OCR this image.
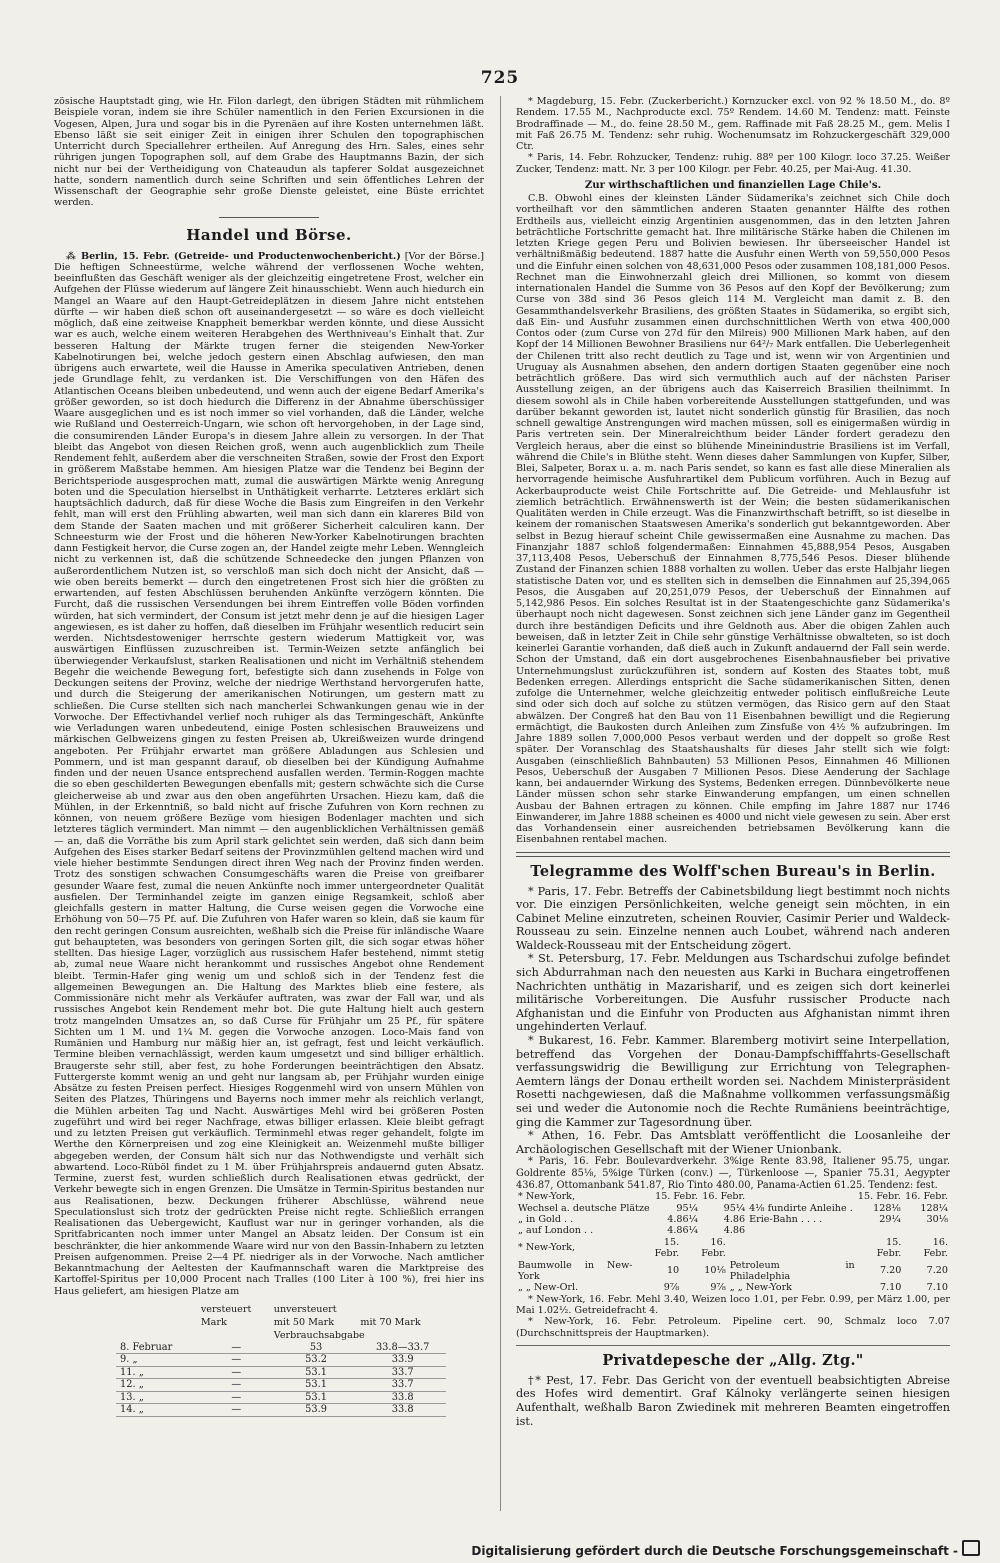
725

zösische Hauptstadt ging, wie Hr. Filon darlegt, den übrigen Städten mit rühmlichem Beispiele voran, indem sie ihre Schüler namentlich in den Ferien Excursionen in die Vogesen, Alpen, Jura und sogar bis in die Pyrenäen auf ihre Kosten unternehmen läßt. Ebenso läßt sie seit einiger Zeit in einigen ihrer Schulen den topographischen Unterricht durch Speciallehrer ertheilen. Auf Anregung des Hrn. Sales, eines sehr rührigen jungen Topographen soll, auf dem Grabe des Hauptmanns Bazin, der sich nicht nur bei der Vertheidigung von Chateaudun als tapferer Soldat ausgezeichnet hatte, sondern namentlich durch seine Schriften und sein öffentliches Lehren der Wissenschaft der Geographie sehr große Dienste geleistet, eine Büste errichtet werden.

Handel und Börse.

⁂ Berlin, 15. Febr. (Getreide- und Productenwochenbericht.) [Vor der Börse.] Die heftigen Schneestürme, welche während der verflossenen Woche wehten, beeinflußten das Geschäft weniger als der gleichzeitig eingetretene Frost, welcher ein Aufgehen der Flüsse wiederum auf längere Zeit hinausschiebt. Wenn auch hiedurch ein Mangel an Waare auf den Haupt-Getreideplätzen in diesem Jahre nicht entstehen dürfte — wir haben dieß schon oft auseinandergesetzt — so wäre es doch vielleicht möglich, daß eine zeitweise Knappheit bemerkbar werden könnte, und diese Aussicht war es auch, welche einem weiteren Herabgehen des Werthniveau's Einhalt that. Zur besseren Haltung der Märkte trugen ferner die steigenden New-Yorker Kabelnotirungen bei, welche jedoch gestern einen Abschlag aufwiesen, den man übrigens auch erwartete, weil die Hausse in Amerika speculativen Antrieben, denen jede Grundlage fehlt, zu verdanken ist. Die Verschiffungen von den Häfen des Atlantischen Oceans bleiben unbedeutend, und wenn auch der eigene Bedarf Amerika's größer geworden, so ist doch hiedurch die Differenz in der Abnahme überschüssiger Waare ausgeglichen und es ist noch immer so viel vorhanden, daß die Länder, welche wie Rußland und Oesterreich-Ungarn, wie schon oft hervorgehoben, in der Lage sind, die consumirenden Länder Europa's in diesem Jahre allein zu versorgen. In der That bleibt das Angebot von diesen Reichen groß, wenn auch augenblicklich zum Theile Rendement fehlt, außerdem aber die verschneiten Straßen, sowie der Frost den Export in größerem Maßstabe hemmen. Am hiesigen Platze war die Tendenz bei Beginn der Berichtsperiode ausgesprochen matt, zumal die auswärtigen Märkte wenig Anregung boten und die Speculation hierselbst in Unthätigkeit verharrte. Letzteres erklärt sich hauptsächlich dadurch, daß für diese Woche die Basis zum Eingreifen in den Verkehr fehlt, man will erst den Frühling abwarten, weil man sich dann ein klareres Bild von dem Stande der Saaten machen und mit größerer Sicherheit calculiren kann. Der Schneesturm wie der Frost und die höheren New-Yorker Kabelnotirungen brachten dann Festigkeit hervor, die Curse zogen an, der Handel zeigte mehr Leben. Wenngleich nicht zu verkennen ist, daß die schützende Schneedecke den jungen Pflanzen von außerordentlichem Nutzen ist, so verschloß man sich doch nicht der Ansicht, daß — wie oben bereits bemerkt — durch den eingetretenen Frost sich hier die größten zu erwartenden, auf festen Abschlüssen beruhenden Ankünfte verzögern könnten. Die Furcht, daß die russischen Versendungen bei ihrem Eintreffen volle Böden vorfinden würden, hat sich vermindert, der Consum ist jetzt mehr denn je auf die hiesigen Lager angewiesen, es ist daher zu hoffen, daß dieselben im Frühjahr wesentlich reducirt sein werden. Nichtsdestoweniger herrschte gestern wiederum Mattigkeit vor, was auswärtigen Einflüssen zuzuschreiben ist. Termin-Weizen setzte anfänglich bei überwiegender Verkaufslust, starken Realisationen und nicht im Verhältniß stehendem Begehr die weichende Bewegung fort, befestigte sich dann zusehends in Folge von Deckungen seitens der Provinz, welche der niedrige Werthstand hervorgerufen hatte, und durch die Steigerung der amerikanischen Notirungen, um gestern matt zu schließen. Die Curse stellten sich nach mancherlei Schwankungen genau wie in der Vorwoche. Der Effectivhandel verlief noch ruhiger als das Termingeschäft, Ankünfte wie Verladungen waren unbedeutend, einige Posten schlesischen Brauweizens und märkischen Gelbweizens gingen zu festen Preisen ab, Ukreißweizen wurde dringend angeboten. Per Frühjahr erwartet man größere Abladungen aus Schlesien und Pommern, und ist man gespannt darauf, ob dieselben bei der Kündigung Aufnahme finden und der neuen Usance entsprechend ausfallen werden. Termin-Roggen machte die so eben geschilderten Bewegungen ebenfalls mit; gestern schwächte sich die Curse gleicherweise ab und zwar aus den oben angeführten Ursachen. Hiezu kam, daß die Mühlen, in der Erkenntniß, so bald nicht auf frische Zufuhren von Korn rechnen zu können, von neuem größere Bezüge vom hiesigen Bodenlager machten und sich letzteres täglich vermindert. Man nimmt — den augenblicklichen Verhältnissen gemäß — an, daß die Vorräthe bis zum April stark gelichtet sein werden, daß sich dann beim Aufgehen des Eises starker Bedarf seitens der Provinzmühlen geltend machen wird und viele hieher bestimmte Sendungen direct ihren Weg nach der Provinz finden werden. Trotz des sonstigen schwachen Consumgeschäfts waren die Preise von greifbarer gesunder Waare fest, zumal die neuen Ankünfte noch immer untergeordneter Qualität ausfielen. Der Terminhandel zeigte im ganzen einige Regsamkeit, schloß aber gleichfalls gestern in matter Haltung, die Curse weisen gegen die Vorwoche eine Erhöhung von 50—75 Pf. auf. Die Zufuhren von Hafer waren so klein, daß sie kaum für den recht geringen Consum ausreichten, weßhalb sich die Preise für inländische Waare gut behaupteten, was besonders von geringen Sorten gilt, die sich sogar etwas höher stellten. Das hiesige Lager, vorzüglich aus russischem Hafer bestehend, nimmt stetig ab, zumal neue Waare nicht herankommt und russisches Angebot ohne Rendement bleibt. Termin-Hafer ging wenig um und schloß sich in der Tendenz fest die allgemeinen Bewegungen an. Die Haltung des Marktes blieb eine festere, als Commissionäre nicht mehr als Verkäufer auftraten, was zwar der Fall war, und als russisches Angebot kein Rendement mehr bot. Die gute Haltung hielt auch gestern trotz mangelnden Umsatzes an, so daß Curse für Frühjahr um 25 Pf., für spätere Sichten um 1 M. und 1¼ M. gegen die Vorwoche anzogen. Loco-Mais fand von Rumänien und Hamburg nur mäßig hier an, ist gefragt, fest und leicht verkäuflich. Termine bleiben vernachlässigt, werden kaum umgesetzt und sind billiger erhältlich. Braugerste sehr still, aber fest, zu hohe Forderungen beeinträchtigen den Absatz. Futtergerste kommt wenig an und geht nur langsam ab, per Frühjahr wurden einige Absätze zu festen Preisen perfect. Hiesiges Roggenmehl wird von unsern Mühlen von Seiten des Platzes, Thüringens und Bayerns noch immer mehr als reichlich verlangt, die Mühlen arbeiten Tag und Nacht. Auswärtiges Mehl wird bei größeren Posten zugeführt und wird bei reger Nachfrage, etwas billiger erlassen. Kleie bleibt gefragt und zu letzten Preisen gut verkäuflich. Terminmehl etwas reger gehandelt, folgte im Werthe den Körnerpreisen und zog eine Kleinigkeit an. Weizenmehl mußte billiger abgegeben werden, der Consum hält sich nur das Nothwendigste und verhält sich abwartend. Loco-Rüböl findet zu 1 M. über Frühjahrspreis andauernd guten Absatz. Termine, zuerst fest, wurden schließlich durch Realisationen etwas gedrückt, der Verkehr bewegte sich in engen Grenzen. Die Umsätze in Termin-Spiritus bestanden nur aus Realisationen, bezw. Deckungen früherer Abschlüsse, während neue Speculationslust sich trotz der gedrückten Preise nicht regte. Schließlich errangen Realisationen das Uebergewicht, Kauflust war nur in geringer vorhanden, als die Spritfabricanten noch immer unter Mangel an Absatz leiden. Der Consum ist ein beschränkter, die hier ankommende Waare wird nur von den Bassin-Inhabern zu letzten Preisen aufgenommen. Preise 2—4 Pf. niedriger als in der Vorwoche. Nach amtlicher Bekanntmachung der Aeltesten der Kaufmannschaft waren die Marktpreise des Kartoffel-Spiritus per 10,000 Procent nach Tralles (100 Liter à 100 %), frei hier ins Haus geliefert, am hiesigen Platze am

	versteuert	unversteuert	
	Mark	mit 50 Mark	mit 70 Mark
		Verbrauchsabgabe	
8. Februar	—	53	33.8—33.7
9. „	—	53.2	33.9
11. „	—	53.1	33.7
12. „	—	53.1	33.7
13. „	—	53.1	33.8
14. „	—	53.9	33.8

* Magdeburg, 15. Febr. (Zuckerbericht.) Kornzucker excl. von 92 % 18.50 M., do. 8º Rendem. 17.55 M., Nachproducte excl. 75º Rendem. 14.60 M. Tendenz: matt. Feinste Brodraffinade — M., do. feine 28.50 M., gem. Raffinade mit Faß 28.25 M., gem. Melis I mit Faß 26.75 M. Tendenz: sehr ruhig. Wochenumsatz im Rohzuckergeschäft 329,000 Ctr.

* Paris, 14. Febr. Rohzucker, Tendenz: ruhig. 88º per 100 Kilogr. loco 37.25. Weißer Zucker, Tendenz: matt. Nr. 3 per 100 Kilogr. per Febr. 40.25, per Mai-Aug. 41.30.

Zur wirthschaftlichen und finanziellen Lage Chile's.

C.B. Obwohl eines der kleinsten Länder Südamerika's zeichnet sich Chile doch vortheilhaft vor den sämmtlichen anderen Staaten genannter Hälfte des rothen Erdtheils aus, vielleicht einzig Argentinien ausgenommen, das in den letzten Jahren beträchtliche Fortschritte gemacht hat. Ihre militärische Stärke haben die Chilenen im letzten Kriege gegen Peru und Bolivien bewiesen. Ihr überseeischer Handel ist verhältnißmäßig bedeutend. 1887 hatte die Ausfuhr einen Werth von 59,550,000 Pesos und die Einfuhr einen solchen von 48,631,000 Pesos oder zusammen 108,181,000 Pesos. Rechnet man die Einwohnerzahl gleich drei Millionen, so kommt von diesem internationalen Handel die Summe von 36 Pesos auf den Kopf der Bevölkerung; zum Curse von 38d sind 36 Pesos gleich 114 M. Vergleicht man damit z. B. den Gesammthandelsverkehr Brasiliens, des größten Staates in Südamerika, so ergibt sich, daß Ein- und Ausfuhr zusammen einen durchschnittlichen Werth von etwa 400,000 Contos oder (zum Curse von 27d für den Milreis) 900 Millionen Mark haben, auf den Kopf der 14 Millionen Bewohner Brasiliens nur 64²/₇ Mark entfallen. Die Ueberlegenheit der Chilenen tritt also recht deutlich zu Tage und ist, wenn wir von Argentinien und Uruguay als Ausnahmen absehen, den andern dortigen Staaten gegenüber eine noch beträchtlich größere. Das wird sich vermuthlich auch auf der nächsten Pariser Ausstellung zeigen, an der übrigens auch das Kaiserreich Brasilien theilnimmt. In diesem sowohl als in Chile haben vorbereitende Ausstellungen stattgefunden, und was darüber bekannt geworden ist, lautet nicht sonderlich günstig für Brasilien, das noch schnell gewaltige Anstrengungen wird machen müssen, soll es einigermaßen würdig in Paris vertreten sein. Der Mineralreichthum beider Länder fordert geradezu den Vergleich heraus, aber die einst so blühende Mineinindustrie Brasiliens ist im Verfall, während die Chile's in Blüthe steht. Wenn dieses daher Sammlungen von Kupfer, Silber, Blei, Salpeter, Borax u. a. m. nach Paris sendet, so kann es fast alle diese Mineralien als hervorragende heimische Ausfuhrartikel dem Publicum vorführen. Auch in Bezug auf Ackerbauproducte weist Chile Fortschritte auf. Die Getreide- und Mehlausfuhr ist ziemlich beträchtlich. Erwähnenswerth ist der Wein; die besten südamerikanischen Qualitäten werden in Chile erzeugt. Was die Finanzwirthschaft betrifft, so ist dieselbe in keinem der romanischen Staatswesen Amerika's sonderlich gut bekanntgeworden. Aber selbst in Bezug hierauf scheint Chile gewissermaßen eine Ausnahme zu machen. Das Finanzjahr 1887 schloß folgendermaßen: Einnahmen 45,888,954 Pesos, Ausgaben 37,113,408 Pesos, Ueberschuß der Einnahmen 8,775,546 Pesos. Dieser blühende Zustand der Finanzen schien 1888 vorhalten zu wollen. Ueber das erste Halbjahr liegen statistische Daten vor, und es stellten sich in demselben die Einnahmen auf 25,394,065 Pesos, die Ausgaben auf 20,251,079 Pesos, der Ueberschuß der Einnahmen auf 5,142,986 Pesos. Ein solches Resultat ist in der Staatengeschichte ganz Südamerika's überhaupt noch nicht dagewesen. Sonst zeichnen sich jene Länder ganz im Gegentheil durch ihre beständigen Deficits und ihre Geldnoth aus. Aber die obigen Zahlen auch beweisen, daß in letzter Zeit in Chile sehr günstige Verhältnisse obwalteten, so ist doch keinerlei Garantie vorhanden, daß dieß auch in Zukunft andauernd der Fall sein werde. Schon der Umstand, daß ein dort ausgebrochenes Eisenbahnausfieber bei privative Unternehmungslust zurückzuführen ist, sondern auf Kosten des Staates tobt, muß Bedenken erregen. Allerdings entspricht die Sache südamerikanischen Sitten, denen zufolge die Unternehmer, welche gleichzeitig entweder politisch einflußreiche Leute sind oder sich doch auf solche zu stützen vermögen, das Risico gern auf den Staat abwälzen. Der Congreß hat den Bau von 11 Eisenbahnen bewilligt und die Regierung ermächtigt, die Baukosten durch Anleihen zum Zinsfuße von 4½ % aufzubringen. Im Jahre 1889 sollen 7,000,000 Pesos verbaut werden und der doppelt so große Rest später. Der Voranschlag des Staatshaushalts für dieses Jahr stellt sich wie folgt: Ausgaben (einschließlich Bahnbauten) 53 Millionen Pesos, Einnahmen 46 Millionen Pesos, Ueberschuß der Ausgaben 7 Millionen Pesos. Diese Aenderung der Sachlage kann, bei andauernder Wirkung des Systems, Bedenken erregen. Dünnbevölkerte neue Länder müssen schon sehr starke Einwanderung empfangen, um einen schnellen Ausbau der Bahnen ertragen zu können. Chile empfing im Jahre 1887 nur 1746 Einwanderer, im Jahre 1888 scheinen es 4000 und nicht viele gewesen zu sein. Aber erst das Vorhandensein einer ausreichenden betriebsamen Bevölkerung kann die Eisenbahnen rentabel machen.

Telegramme des Wolff'schen Bureau's in Berlin.

* Paris, 17. Febr. Betreffs der Cabinetsbildung liegt bestimmt noch nichts vor. Die einzigen Persönlichkeiten, welche geneigt sein möchten, in ein Cabinet Meline einzutreten, scheinen Rouvier, Casimir Perier und Waldeck-Rousseau zu sein. Einzelne nennen auch Loubet, während nach anderen Waldeck-Rousseau mit der Entscheidung zögert.

* St. Petersburg, 17. Febr. Meldungen aus Tschardschui zufolge befindet sich Abdurrahman nach den neuesten aus Karki in Buchara eingetroffenen Nachrichten unthätig in Mazarisharif, und es zeigen sich dort keinerlei militärische Vorbereitungen. Die Ausfuhr russischer Producte nach Afghanistan und die Einfuhr von Producten aus Afghanistan nimmt ihren ungehinderten Verlauf.

* Bukarest, 16. Febr. Kammer. Blaremberg motivirt seine Interpellation, betreffend das Vorgehen der Donau-Dampfschifffahrts-Gesellschaft verfassungswidrig die Bewilligung zur Errichtung von Telegraphen-Aemtern längs der Donau ertheilt worden sei. Nachdem Ministerpräsident Rosetti nachgewiesen, daß die Maßnahme vollkommen verfassungsmäßig sei und weder die Autonomie noch die Rechte Rumäniens beeinträchtige, ging die Kammer zur Tagesordnung über.

* Athen, 16. Febr. Das Amtsblatt veröffentlicht die Loosanleihe der Archäologischen Gesellschaft mit der Wiener Unionbank.

* Paris, 16. Febr. Boulevardverkehr. 3%ige Rente 83.98, Italiener 95.75, ungar. Goldrente 85⅛, 5%ige Türken (conv.) —, Türkenloose —, Spanier 75.31, Aegypter 436.87, Ottomanbank 541.87, Rio Tinto 480.00, Panama-Actien 61.25. Tendenz: fest.

* New-York,	15. Febr.	16. Febr.		15. Febr.	16. Febr.
Wechsel a. deutsche Plätze	95¼	95¼	4⅛ fundirte Anleihe .	128⅛	128¼
„ in Gold . .	4.86¼	4.86	Erie-Bahn . . . .	29¼	30⅛
„ auf London . .	4.86¼	4.86			
* New-York,	15. Febr.	16. Febr.		15. Febr.	16. Febr.
Baumwolle in New-York	10	10⅛	Petroleum in Philadelphia	7.20	7.20
„ „ New-Orl.	9⅞	9⅞	„ „ New-York	7.10	7.10

* New-York, 16. Febr. Mehl 3.40, Weizen loco 1.01, per Febr. 0.99, per März 1.00, per Mai 1.02½. Getreidefracht 4.

* New-York, 16. Febr. Petroleum. Pipeline cert. 90, Schmalz loco 7.07 (Durchschnittspreis der Hauptmarken).

Privatdepesche der „Allg. Ztg."

†* Pest, 17. Febr. Das Gericht von der eventuell beabsichtigten Abreise des Hofes wird dementirt. Graf Kálnoky verlängerte seinen hiesigen Aufenthalt, weßhalb Baron Zwiedinek mit mehreren Beamten eingetroffen ist.

Digitalisierung gefördert durch die Deutsche Forschungsgemeinschaft -
